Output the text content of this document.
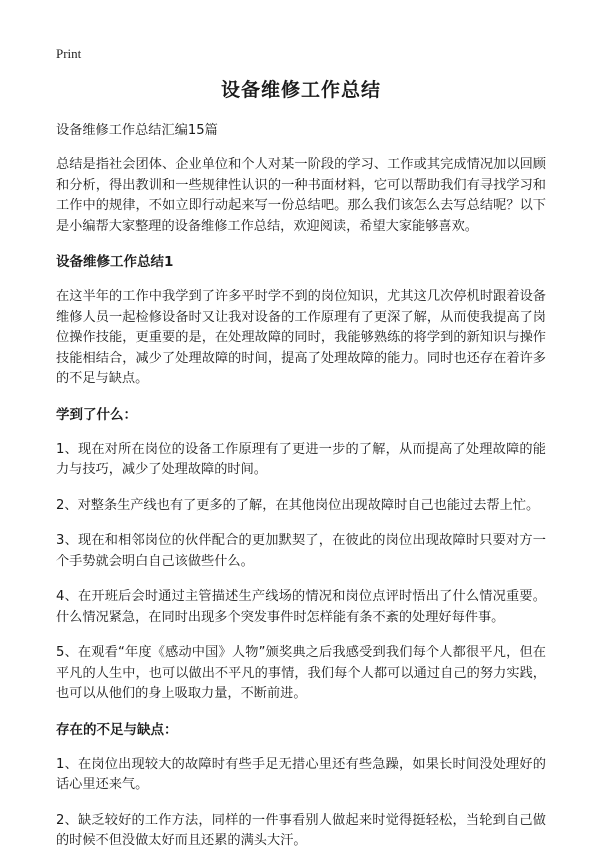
Print
设备维修工作总结
设备维修工作总结汇编15篇

总结是指社会团体、企业单位和个人对某一阶段的学习、工作或其完成情况加以回顾和分析，得出教训和一些规律性认识的一种书面材料，它可以帮助我们有寻找学习和工作中的规律，不如立即行动起来写一份总结吧。那么我们该怎么去写总结呢？以下是小编帮大家整理的设备维修工作总结，欢迎阅读，希望大家能够喜欢。

设备维修工作总结1

在这半年的工作中我学到了许多平时学不到的岗位知识，尤其这几次停机时跟着设备维修人员一起检修设备时又让我对设备的工作原理有了更深了解，从而使我提高了岗位操作技能，更重要的是，在处理故障的同时，我能够熟练的将学到的新知识与操作技能相结合，减少了处理故障的时间，提高了处理故障的能力。同时也还存在着许多的不足与缺点。

学到了什么：

1、现在对所在岗位的设备工作原理有了更进一步的了解，从而提高了处理故障的能力与技巧，减少了处理故障的时间。

2、对整条生产线也有了更多的了解，在其他岗位出现故障时自己也能过去帮上忙。

3、现在和相邻岗位的伙伴配合的更加默契了，在彼此的岗位出现故障时只要对方一个手势就会明白自己该做些什么。

4、在开班后会时通过主管描述生产线场的情况和岗位点评时悟出了什么情况重要。什么情况紧急，在同时出现多个突发事件时怎样能有条不紊的处理好每件事。

5、在观看“年度《感动中国》人物”颁奖典之后我感受到我们每个人都很平凡，但在平凡的人生中，也可以做出不平凡的事情，我们每个人都可以通过自己的努力实践，也可以从他们的身上吸取力量，不断前进。

存在的不足与缺点：

1、在岗位出现较大的故障时有些手足无措心里还有些急躁，如果长时间没处理好的话心里还来气。

2、缺乏较好的工作方法，同样的一件事看别人做起来时觉得挺轻松，当轮到自己做的时候不但没做太好而且还累的满头大汗。
